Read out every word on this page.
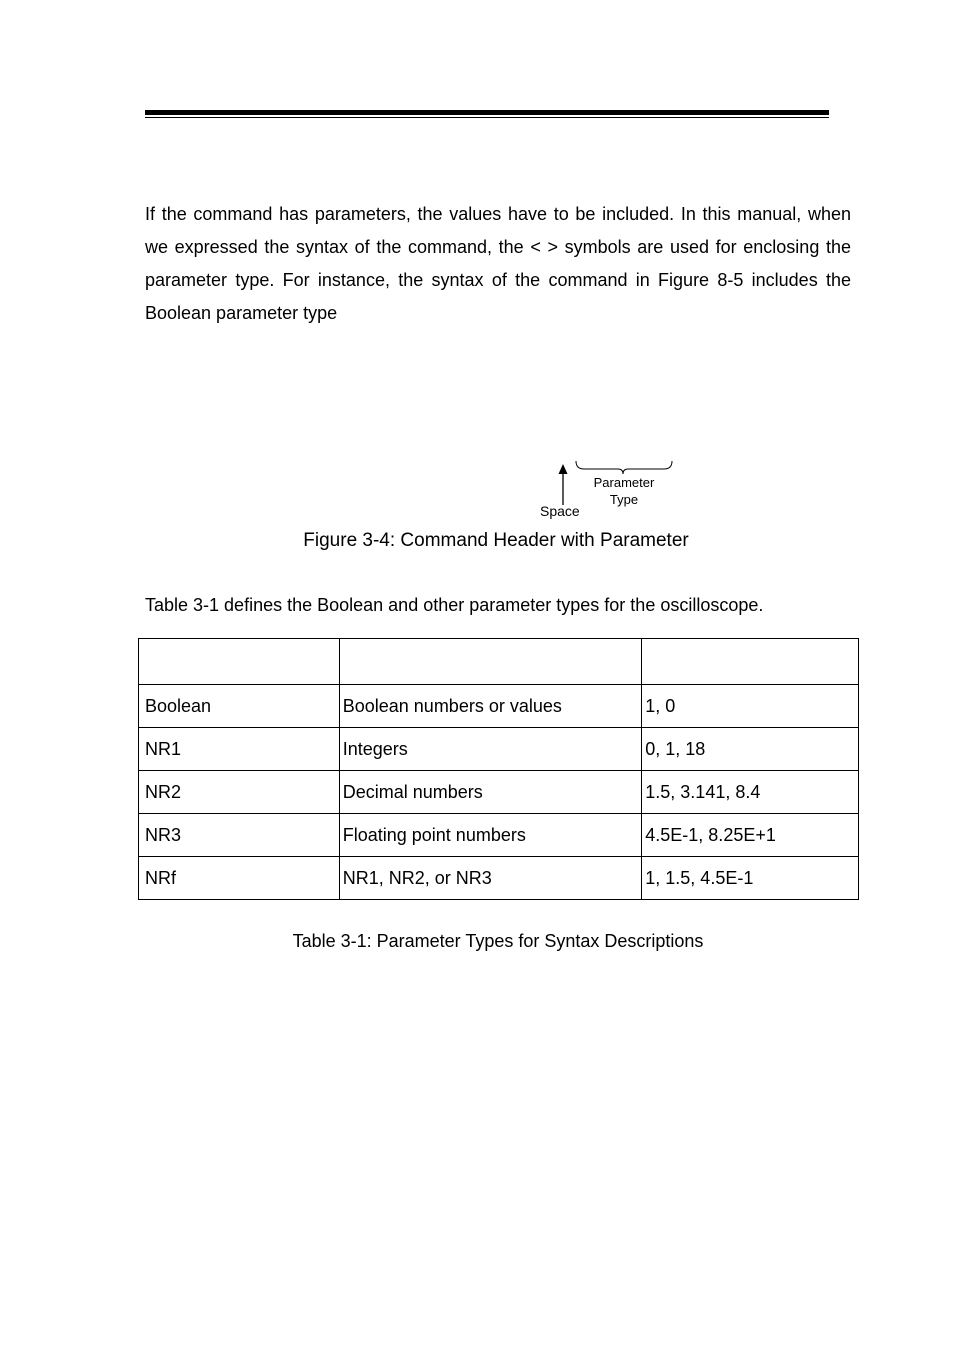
If the command has parameters, the values have to be included. In this manual, when we expressed the syntax of the command, the < > symbols are used for enclosing the parameter type. For instance, the syntax of the command in Figure 8-5 includes the Boolean parameter type

Parameter
Type
Space
Figure 3-4: Command Header with Parameter
Table 3-1 defines the Boolean and other parameter types for the oscilloscope.

Boolean	Boolean numbers or values	1, 0
NR1	Integers	0, 1, 18
NR2	Decimal numbers	1.5, 3.141, 8.4
NR3	Floating point numbers	4.5E-1, 8.25E+1
NRf	NR1, NR2, or NR3	1, 1.5, 4.5E-1
Table 3-1: Parameter Types for Syntax Descriptions
